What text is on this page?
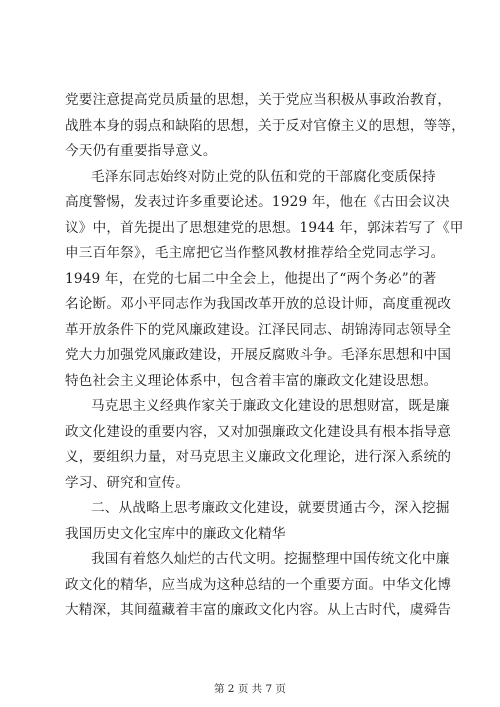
党要注意提高党员质量的思想，关于党应当积极从事政治教育，
战胜本身的弱点和缺陷的思想，关于反对官僚主义的思想，等等，
今天仍有重要指导意义。
毛泽东同志始终对防止党的队伍和党的干部腐化变质保持
高度警惕，发表过许多重要论述。1929 年，他在《古田会议决
议》中，首先提出了思想建党的思想。1944 年，郭沫若写了《甲
申三百年祭》，毛主席把它当作整风教材推荐给全党同志学习。
1949 年，在党的七届二中全会上，他提出了“两个务必”的著
名论断。邓小平同志作为我国改革开放的总设计师，高度重视改
革开放条件下的党风廉政建设。江泽民同志、胡锦涛同志领导全
党大力加强党风廉政建设，开展反腐败斗争。毛泽东思想和中国
特色社会主义理论体系中，包含着丰富的廉政文化建设思想。
马克思主义经典作家关于廉政文化建设的思想财富，既是廉
政文化建设的重要内容，又对加强廉政文化建设具有根本指导意
义，要组织力量，对马克思主义廉政文化理论，进行深入系统的
学习、研究和宣传。
二、从战略上思考廉政文化建设，就要贯通古今，深入挖掘
我国历史文化宝库中的廉政文化精华
我国有着悠久灿烂的古代文明。挖掘整理中国传统文化中廉
政文化的精华，应当成为这种总结的一个重要方面。中华文化博
大精深，其间蕴藏着丰富的廉政文化内容。从上古时代，虞舜告
第 2 页 共 7 页
